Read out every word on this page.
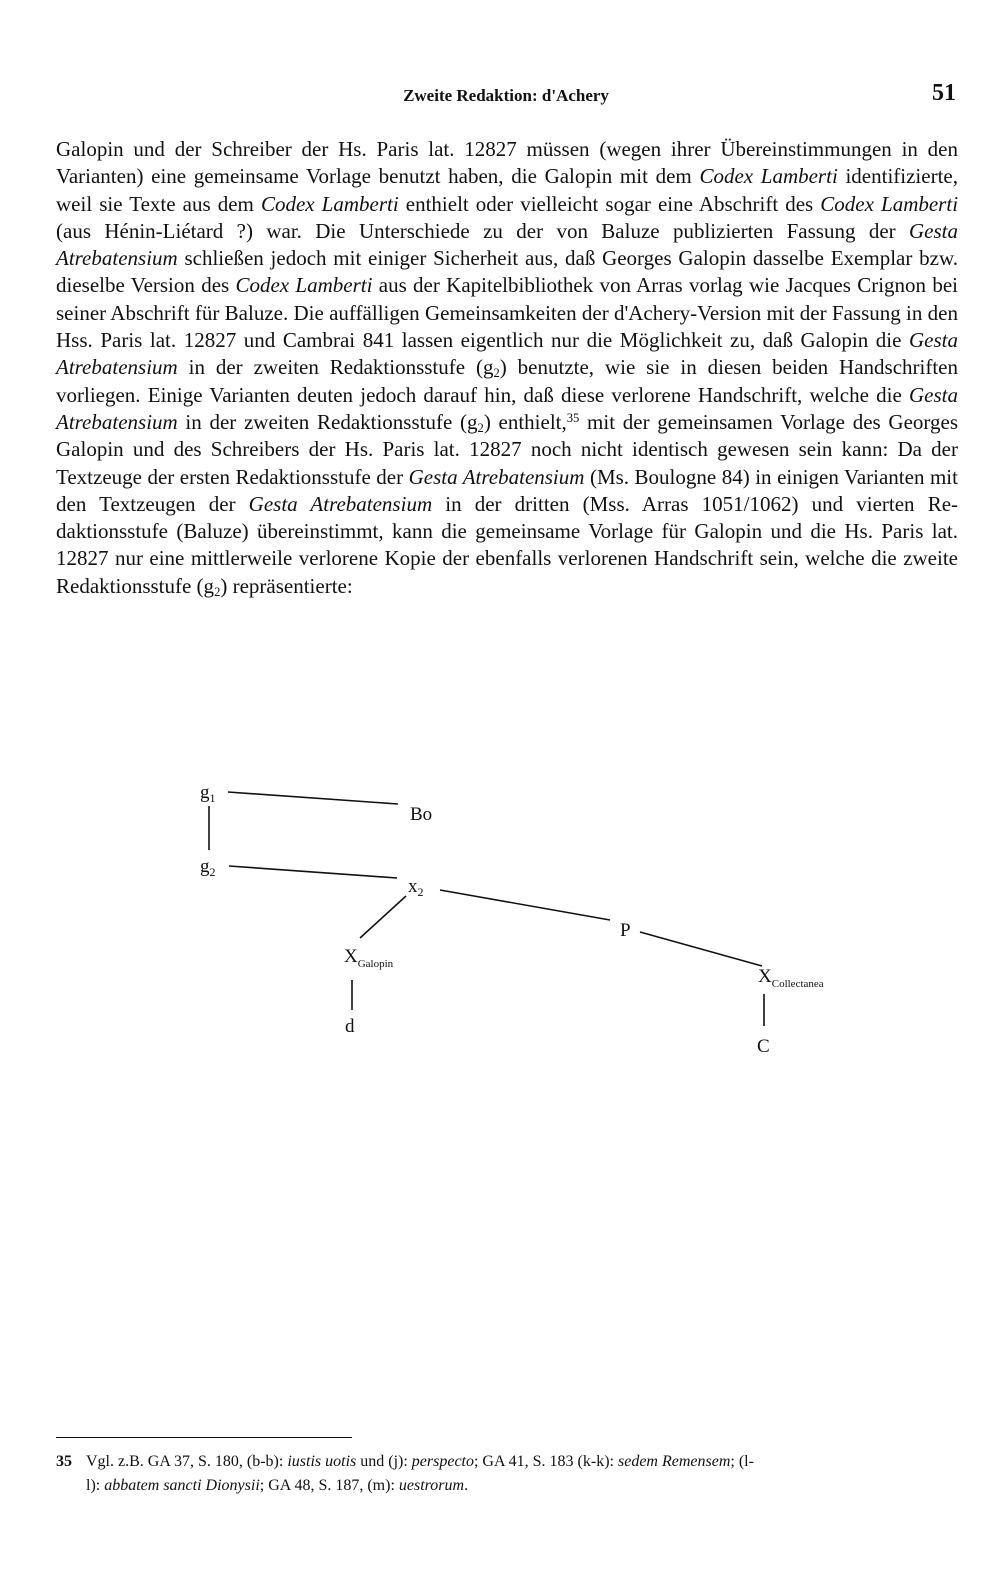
Zweite Redaktion: d'Achery	51

Galopin und der Schreiber der Hs. Paris lat. 12827 müssen (wegen ihrer Übereinstimmungen in den Varianten) eine gemeinsame Vorlage benutzt haben, die Galopin mit dem Codex Lamberti identifizierte, weil sie Texte aus dem Codex Lamberti enthielt oder vielleicht sogar eine Abschrift des Codex Lamberti (aus Hénin-Liétard ?) war. Die Unterschiede zu der von Baluze publizierten Fassung der Gesta Atrebatensium schließen jedoch mit einiger Sicherheit aus, daß Georges Galopin dasselbe Exemplar bzw. dieselbe Version des Codex Lamberti aus der Kapitelbibliothek von Arras vorlag wie Jacques Crignon bei seiner Abschrift für Baluze. Die auffälligen Gemeinsamkeiten der d'Achery-Version mit der Fassung in den Hss. Paris lat. 12827 und Cambrai 841 lassen eigentlich nur die Möglichkeit zu, daß Galopin die Gesta Atrebatensium in der zweiten Redaktionsstufe $(g_2)$ benutzte, wie sie in diesen beiden Handschriften vorliegen. Einige Varianten deuten jedoch darauf hin, daß diese verlorene Handschrift, welche die Gesta Atrebatensium in der zweiten Redaktionsstufe $(g_2)$ enthielt,$^{35}$ mit der gemeinsamen Vorlage des Georges Galopin und des Schreibers der Hs. Paris lat. 12827 noch nicht identisch gewesen sein kann: Da der Textzeuge der ersten Redaktionsstufe der Gesta Atrebatensium (Ms. Boulogne 84) in einigen Varianten mit den Textzeugen der Gesta Atrebatensium in der dritten (Mss. Arras 1051/1062) und vierten Redaktionsstufe (Baluze) übereinstimmt, kann die gemeinsame Vorlage für Galopin und die Hs. Paris lat. 12827 nur eine mittlerweile verlorene Kopie der ebenfalls verlorenen Handschrift sein, welche die zweite Redaktionsstufe $(g_2)$ repräsentierte:

$g_1$
Bo
$g_2$
$x_2$
P
$X_{Galopin}$
$X_{Collectanea}$
d
C

35 Vgl. z.B. GA 37, S. 180, (b-b): iustis uotis und (j): perspecto; GA 41, S. 183 (k-k): sedem Remensem; (l-
l): abbatem sancti Dionysii; GA 48, S. 187, (m): uestrorum.
